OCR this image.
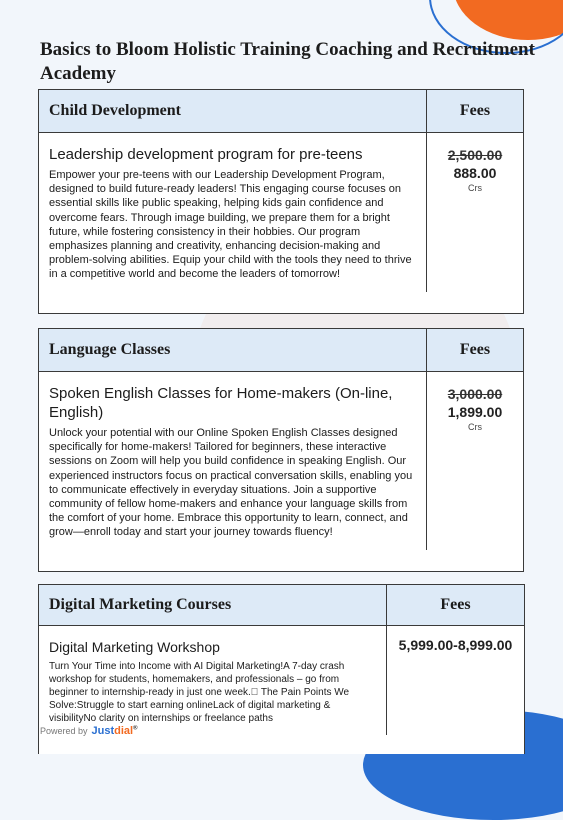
Basics to Bloom Holistic Training Coaching and Recruitment Academy
Child Development	Fees
Leadership development program for pre-teens
Empower your pre-teens with our Leadership Development Program, designed to build future-ready leaders! This engaging course focuses on essential skills like public speaking, helping kids gain confidence and overcome fears. Through image building, we prepare them for a bright future, while fostering consistency in their hobbies. Our program emphasizes planning and creativity, enhancing decision-making and problem-solving abilities. Equip your child with the tools they need to thrive in a competitive world and become the leaders of tomorrow!
2,500.00
888.00
Crs
Language Classes	Fees
Spoken English Classes for Home-makers (On-line, English)
Unlock your potential with our Online Spoken English Classes designed specifically for home-makers! Tailored for beginners, these interactive sessions on Zoom will help you build confidence in speaking English. Our experienced instructors focus on practical conversation skills, enabling you to communicate effectively in everyday situations. Join a supportive community of fellow home-makers and enhance your language skills from the comfort of your home. Embrace this opportunity to learn, connect, and grow—enroll today and start your journey towards fluency!
3,000.00
1,899.00
Crs
Digital Marketing Courses	Fees
Digital Marketing Workshop
Turn Your Time into Income with AI Digital Marketing!A 7-day crash workshop for students, homemakers, and professionals – go from beginner to internship-ready in just one week.  The Pain Points We Solve:Struggle to start earning onlineLack of digital marketing & visibilityNo clarity on internships or freelance paths
5,999.00-8,999.00
Powered by Justdial®
